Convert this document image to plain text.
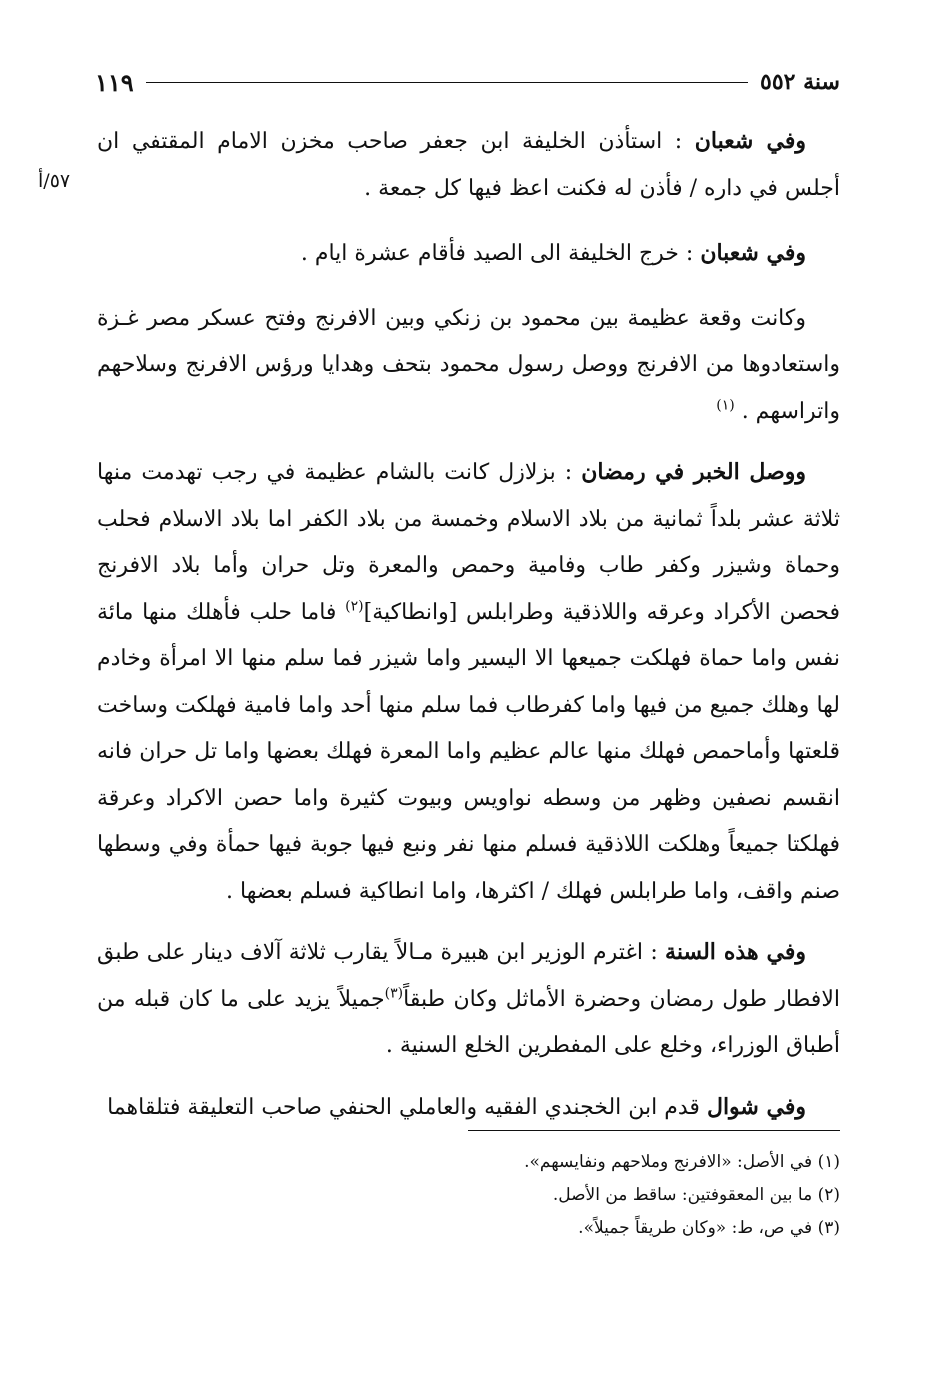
سنة ٥٥٢
١١٩
٥٧/أ

وفي شعبان : استأذن الخليفة ابن جعفر صاحب مخزن الامام المقتفي ان أجلس في داره / فأذن له فكنت اعظ فيها كل جمعة .

وفي شعبان : خرج الخليفة الى الصيد فأقام عشرة ايام .

وكانت وقعة عظيمة بين محمود بن زنكي وبين الافرنج وفتح عسكر مصر غـزة واستعادوها من الافرنج ووصل رسول محمود بتحف وهدايا ورؤس الافرنج وسلاحهم واتراسهم . $^{(١)}$

ووصل الخبر في رمضان : بزلازل كانت بالشام عظيمة في رجب تهدمت منها ثلاثة عشر بلداً ثمانية من بلاد الاسلام وخمسة من بلاد الكفر اما بلاد الاسلام فحلب وحماة وشيزر وكفر طاب وفامية وحمص والمعرة وتل حران وأما بلاد الافرنج فحصن الأكراد وعرقه واللاذقية وطرابلس [وانطاكية]$^{(٢)}$ فاما حلب فأهلك منها مائة نفس واما حماة فهلكت جميعها الا اليسير واما شيزر فما سلم منها الا امرأة وخادم لها وهلك جميع من فيها واما كفرطاب فما سلم منها أحد واما فامية فهلكت وساخت قلعتها وأماحمص فهلك منها عالم عظيم واما المعرة فهلك بعضها واما تل حران فانه انقسم نصفين وظهر من وسطه نواويس وبيوت كثيرة واما حصن الاكراد وعرقة فهلكتا جميعاً وهلكت اللاذقية فسلم منها نفر ونبع فيها جوبة فيها حمأة وفي وسطها صنم واقف، واما طرابلس فهلك / اكثرها، واما انطاكية فسلم بعضها .

وفي هذه السنة : اغترم الوزير ابن هبيرة مـالاً يقارب ثلاثة آلاف دينار على طبق الافطار طول رمضان وحضرة الأماثل وكان طبقاً$^{(٣)}$جميلاً يزيد على ما كان قبله من أطباق الوزراء، وخلع على المفطرين الخلع السنية .

وفي شوال قدم ابن الخجندي الفقيه والعاملي الحنفي صاحب التعليقة فتلقاهما

(١) في الأصل: «الافرنج وملاحهم ونفايسهم».
(٢) ما بين المعقوفتين: ساقط من الأصل.
(٣) في ص، ط: «وكان طريقاً جميلاً».
